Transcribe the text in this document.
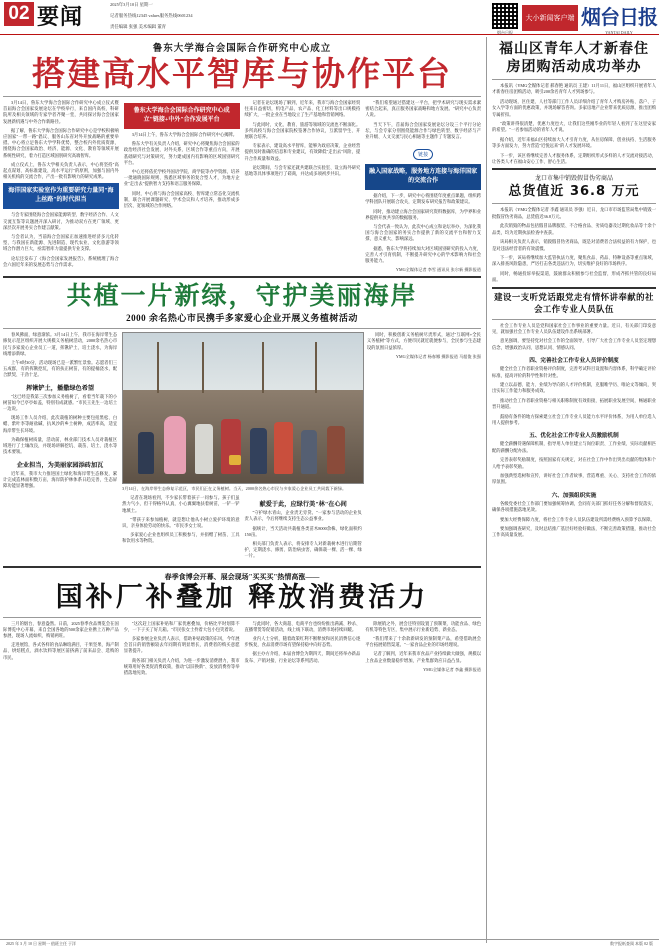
02 要闻
2025年3月10日 星期一
记者服务热线12345 values服务热线0601234
责任编辑 张强 美术编辑 董青
烟台日报
大小新闻客户端 烟台日报
YANTAI DAILY
鲁东大学海合会国际合作研究中心成立
搭建高水平智库与协作平台

3月14日，鲁东大学海合会国际合作研究中心成立仪式暨首届海合会国家发展论坛在学校举行，来自国内高校、科研院所及相关领域的专家学者齐聚一堂，共同探讨海合会国家发展新机遇与中外合作新路径。

据了解，鲁东大学海合会国际合作研究中心是学校积极响应国家"一带一路"倡议、服务山东省对外开放战略的重要举措。中心将立足鲁东大学学科优势，整合校内外优质资源，围绕海合会国家政治、经济、能源、文化、教育等领域开展系统性研究，着力打造区域国别研究高端智库。

成立仪式上，鲁东大学相关负责人表示，中心将坚持"高起点谋划、高标准建设、高水平运行"的原则，加强与国内外相关机构的交流合作，产出一批有影响力的研究成果。

海洋国家实验室作为重要研究力量同"海上丝路"的时代担当

与会专家围绕海合会国家能源转型、数字经济合作、人文交流互鉴等议题展开深入研讨，为推动双方在更广领域、更深层次开展务实合作建言献策。

与会者认为，当前海合会国家正加速推进经济多元化转型，与我国在新能源、先进制造、现代农业、文化旅游等领域合作潜力巨大，亟需智库力量提供专业支撑。

论坛还发布了《海合会国家发展报告》，系统梳理了海合会六国近年来的发展态势与合作需求。

鲁东大学海合会国际合作研究中心成立"链接+中外"合作发展平台

3月14日上午，鲁东大学海合会国际合作研究中心揭牌。

鲁东大学有关负责人介绍，研究中心将聚焦海合会国家的政治经济社会发展、对外关系、区域合作等重点方向，开展基础研究与对策研究，努力建成国内有影响的区域国别研究平台。

中心还将依托学校外国语学院、商学院等办学资源，培养一批通晓国际规则、熟悉区域事务的复合型人才，为地方企业"走出去"提供智力支持和语言服务保障。

同时，中心将与海合会国家高校、智库建立常态化交流机制，联合开展课题研究、学术会议和人才培养，推动形成多层次、宽领域的合作网络。

记者在论坛现场了解到，近年来，我市与海合会国家经贸往来日益密切，机电产品、农产品、化工材料等出口规模持续扩大，一批企业在当地设立了生产基地和营销网络。

与此同时，文化、教育、旅游等领域的交流也不断深化。多所高校与海合会国家院校签署合作协议，互派留学生、开展联合培养。

专家表示，建设高水平智库，能够为政府决策、企业经营提供及时准确的信息和专业建议，有效降低"走出去"风险，提升合作质量和效益。

论坛期间，与会专家还就共建联合实验室、设立海外研究基地等具体事项进行了磋商，并达成多项初步共识。

"我们希望通过搭建这一平台，把学术研究与现实需求紧密结合起来，真正服务国家战略和地方发展。"研究中心负责人说。

当天下午，首届海合会国家发展论坛分设三个平行分论坛，与会专家分别围绕能源合作与绿色转型、数字经济与产业升级、人文交流与民心相通等主题作了专题发言。

链接
融入国家战略，服务地方连接与海洋国家的交流合作

据介绍，下一步，研究中心将围绕年度重点课题，组织跨学科团队开展联合攻关，定期发布研究报告和政策建议。

同时，推动建立海合会国家研究资料数据库，为学界和业界提供开放共享的数据服务。

与会代表一致认为，此次中心成立和论坛举办，为深化我国与海合会国家的务实合作提供了新的交流平台和智力支撑，意义重大、影响深远。

据悉，鲁东大学将持续加大对区域国别研究的投入力度，完善人才引育机制，不断提升研究中心的学术影响力和社会服务能力。

YMG全媒体记者 李雪 通讯员 张尔新 摄影报道
共植一片新绿，守护美丽海岸
2000 余名热心市民携手多家爱心企业开展义务植树活动

春风拂面，绿意渐浓。3月14日上午，我市在海岸带生态修复示范区组织开展大规模义务植树活动，2000余名热心市民与多家爱心企业员工一道，挥锹铲土、培土浇水，为海岸线增添新绿。

上午8时30分，活动现场已是一派繁忙景象。志愿者们三五成群，有的挥锹挖坑，有的扶正树苗，有的提桶浇水，配合默契、干劲十足。

挥锹铲土，播撒绿色希望

"这已经是我第三次参加义务植树了，看着当年栽下的小树苗如今已亭亭如盖，特别有成就感。"市民王先生一边培土一边说。

现场工作人员介绍，此次栽植的树种主要包括黑松、白蜡、紫叶李等耐盐碱、抗风沙的乡土树种，成活率高，适宜海岸带生长环境。

为确保植树质量，活动前，林业部门技术人员对栽植区域进行了土壤改良，并现场讲解挖坑、栽苗、培土、浇水等技术要领。

企业担当，为美丽家园添砖加瓦

近年来，我市大力推进国土绿化和海岸带生态修复，累计完成造林面积数万亩，海岸防护林体系日趋完善，生态屏障功能显著增强。

3月14日，在海岸带生态修复示范区，市民们正在义务植树。当天，2000余名热心市民与多家爱心企业员工共同栽下新绿。

记者在现场看到，不少家长带着孩子一同参与。孩子们虽然力气小，但干得格外认真，小心翼翼地扶着树苗，一铲一铲地填土。

"带孩子来参加植树，就是想让他从小树立爱护环境的意识，亲身体验劳动的快乐。"市民李女士说。

多家爱心企业也组织员工积极参与，并捐赠了树苗、工具和饮用水等物资。

献爱于此，应绿行美"林"在心间

"守护绿水青山，企业责无旁贷。"一家参与活动的企业负责人表示，今后将继续支持生态公益事业。

据统计，当天活动共栽植各类苗木8000余株，绿化面积约150亩。

相关部门负责人表示，将安排专人对新栽树木进行后期管护，定期浇水、修剪、防治病虫害，确保栽一棵、活一棵、绿一片。

同时，积极创新义务植树尽责形式，通过"互联网+全民义务植树"等方式，方便市民就近就便参与，全民参与生态建设的氛围日益浓厚。

YMG全媒体记者 杨春娜 摄影报道 马超俊 张强
春季食博会开幕、展会现场"买买买"热情高涨——
国补厂补叠加 释放消费活力

三月的烟台，春意盎然。日前，2025春季食品博览会在国际博览中心开幕，来自全国各地的500余家企业携上万种产品参展，现场人流如织、购销两旺。

走进展馆，各式各样的食品琳琅满目，干果坚果、海产制品、烘焙糕点、酒水饮料等展区前挤满了前来品尝、选购的市民。

"这次赶上国家补贴和厂家优惠叠加，价格比平时划算不少，一下子买了好几箱。"市民张女士拎着大包小包笑着说。

多家参展企业负责人表示，借助补贴政策的东风，今年展会首日的销售额较去年同期有明显增长，消费者的购买意愿显著提升。

商务部门相关负责人介绍，为进一步激发消费潜力，我市统筹用好各类促消费政策，推动"以旧换新"、发放消费券等举措落地见效。

与此同时，各大商超、电商平台也纷纷推出满减、秒杀、直播带货等促销活动，线上线下联动，消费市场持续回暖。

业内人士分析，随着政策红利不断释放和居民消费信心逐步恢复，食品消费市场有望保持稳中向好态势。

据主办方介绍，本届食博会为期四天，期间还将举办新品发布、产销对接、行业论坛等系列活动。

除展销之外，展会还特别设置了预制菜、功能食品、绿色有机等特色专区，集中展示行业新趋势、新业态。

"我们带来了十余款新研发的预制菜产品，希望借助展会平台拓展销售渠道。"一家食品企业的市场经理说。

记者了解到，近年来我市食品产业持续做大做强，规模以上食品企业数量稳步增加，产业集群效应日益凸显。

YMG全媒体记者 李鑫 摄影报道
福山区青年人才新春住房团购活动成功举办

本报讯（YMG全媒体记者 郝春艳 通讯员 王建）11月11日，福山区组织开展青年人才新春住房团购活动，吸引200余名青年人才到场参与。

活动现场，区住建、人社等部门工作人员详细介绍了青年人才购房补贴、落户、子女入学等方面的优惠政策，并现场解答咨询。多家房地产企业带来优质房源，推出团购专属折扣。

"政策讲得很清楚，优惠力度也大，让我们这些刚毕业的年轻人看到了在这里安家的希望。"一名参加活动的青年人才说。

据介绍，近年来福山区持续加大人才引育力度，从住房保障、创业扶持、生活服务等多方面发力，努力营造"近悦远来"的人才发展环境。

下一步，该区将继续完善人才服务体系，定期组织形式多样的人才交流对接活动，让各类人才在福山安心工作、舒心生活。

龙口市集中销毁假冒伪劣商品
总货值近 36.8 万元

本报讯（YMG全媒体记者 李鑫 通讯员 李强）近日，龙口市市场监管局集中销毁一批假冒伪劣商品，总货值近36.8万元。

此次销毁的物品包括假冒品牌服装、不合格食品、劣质电器及过期化妆品等十余个品类，均为近期执法检查中查获。

该局相关负责人表示，销毁假冒伪劣商品，既是对消费者合法权益的有力保护，也是对违法经营者的有效震慑。

下一步，该局将继续加大监管执法力度，聚焦食品、药品、特种设备等重点领域，深入排查风险隐患，严厉打击各类违法行为，切实维护良好的市场秩序。

同时，畅通投诉举报渠道，鼓励群众积极参与社会监督，形成齐抓共管的良好局面。

建设一支听党话跟党走有情怀讲奉献的社会工作专业人员队伍

社会工作专业人员是党和国家社会工作事业的重要力量。近日，有关部门印发意见，就加强社会工作专业人员队伍建设作出系统部署。

意见强调，要坚持党对社会工作的全面领导，引导广大社会工作专业人员坚定理想信念，增强政治认同、思想认同、情感认同。

四、完善社会工作专业人员评价制度

健全社会工作者职业资格评价制度，完善考试科目设置和内容体系，科学确定评价标准，提高评价的科学性和针对性。

建立以品德、能力、业绩为导向的人才评价机制，克服唯学历、唯论文等倾向，突出实际工作能力和服务成效。

推动社会工作者职业资格与相关职称制度有效衔接，拓展职业发展空间，畅通职业晋升通道。

鼓励有条件的地方探索建立社会工作专业人员能力水平评价体系，为用人单位选人用人提供参考。

五、优化社会工作专业人员激励机制

健全薪酬待遇保障机制，指导用人单位建立与岗位职责、工作业绩、实际贡献相匹配的薪酬分配办法。

完善表彰奖励制度，按照国家有关规定，对在社会工作中作出突出贡献的集体和个人给予表彰奖励。

加强典型选树和宣传，讲好社会工作者故事，营造尊重、关心、支持社会工作的浓厚氛围。

六、加强组织实施

各级党委社会工作部门要加强统筹协调，会同有关部门抓好任务分解和督促落实，确保各项措施落地见效。

要加大经费保障力度，将社会工作专业人员队伍建设所需经费纳入预算予以保障。

要加强调查研究，及时总结推广基层好经验好做法，不断完善政策措施，推动社会工作高质量发展。

2025 年 3 月 10 日 星期一 值班主任 于洋	数字报纸查阅 本版 02 版
